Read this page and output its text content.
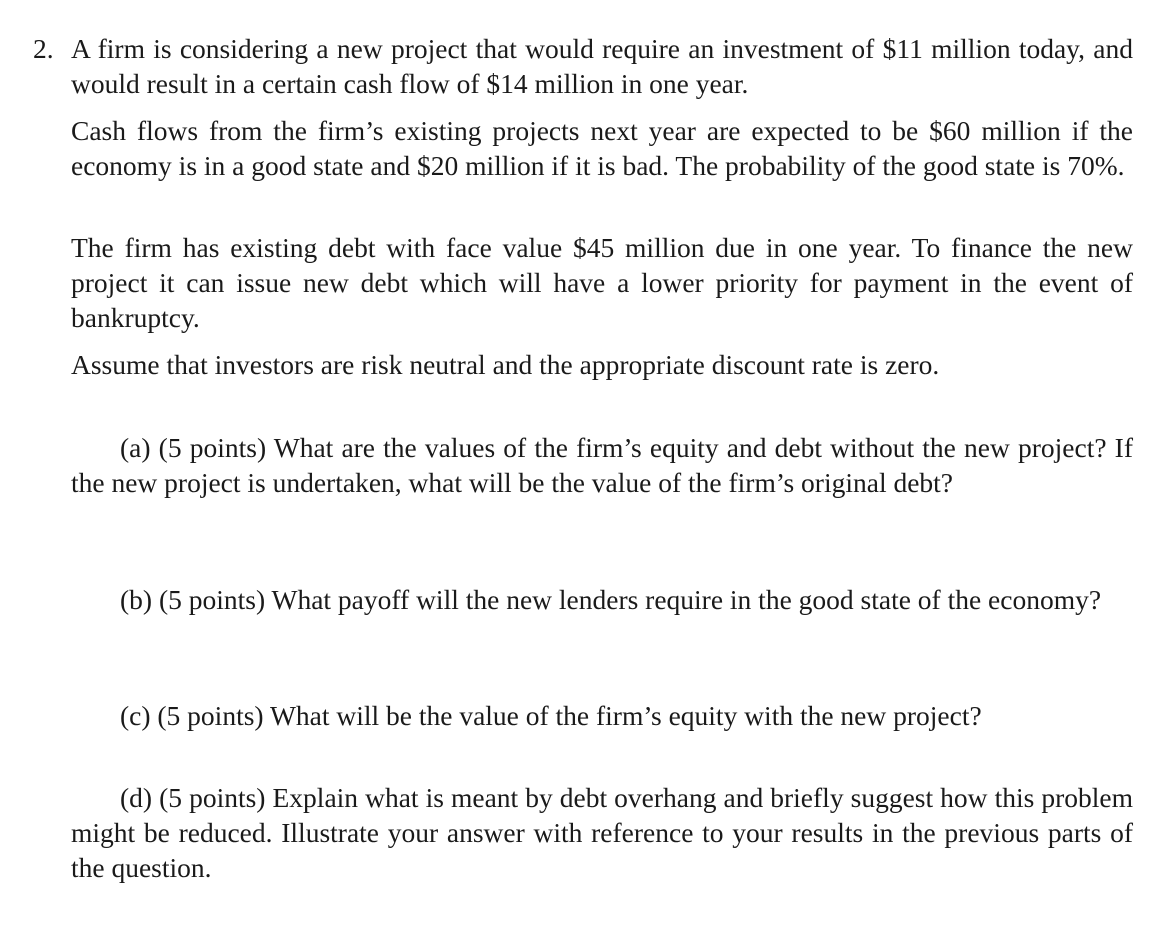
2. A firm is considering a new project that would require an investment of $11 million today, and would result in a certain cash flow of $14 million in one year.

Cash flows from the firm’s existing projects next year are expected to be $60 million if the economy is in a good state and $20 million if it is bad. The probability of the good state is 70%.

The firm has existing debt with face value $45 million due in one year. To finance the new project it can issue new debt which will have a lower priority for payment in the event of bankruptcy.

Assume that investors are risk neutral and the appropriate discount rate is zero.

(a) (5 points) What are the values of the firm’s equity and debt without the new project? If the new project is undertaken, what will be the value of the firm’s original debt?

(b) (5 points) What payoff will the new lenders require in the good state of the economy?

(c) (5 points) What will be the value of the firm’s equity with the new project?

(d) (5 points) Explain what is meant by debt overhang and briefly suggest how this problem might be reduced. Illustrate your answer with reference to your results in the previous parts of the question.
